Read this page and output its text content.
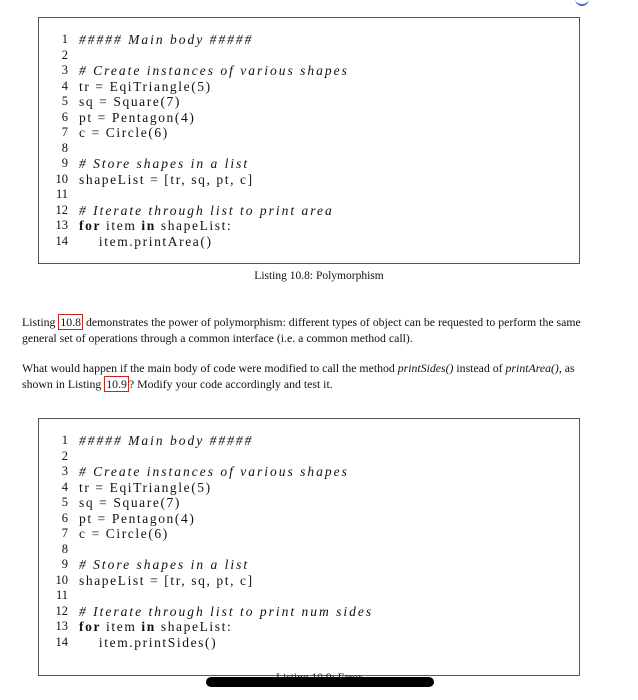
1 ##### Main body #####
2
3 # Create instances of various shapes
4 tr = EqiTriangle(5)
5 sq = Square(7)
6 pt = Pentagon(4)
7 c = Circle(6)
8
9 # Store shapes in a list
10 shapeList = [tr, sq, pt, c]
11
12 # Iterate through list to print area
13 for item in shapeList:
14 item.printArea()
Listing 10.8: Polymorphism

Listing 10.8 demonstrates the power of polymorphism: different types of object can be requested to perform the same general set of operations through a common interface (i.e. a common method call).

What would happen if the main body of code were modified to call the method printSides() instead of printArea(), as shown in Listing 10.9 ? Modify your code accordingly and test it.

1 ##### Main body #####
2
3 # Create instances of various shapes
4 tr = EqiTriangle(5)
5 sq = Square(7)
6 pt = Pentagon(4)
7 c = Circle(6)
8
9 # Store shapes in a list
10 shapeList = [tr, sq, pt, c]
11
12 # Iterate through list to print num sides
13 for item in shapeList:
14 item.printSides()
